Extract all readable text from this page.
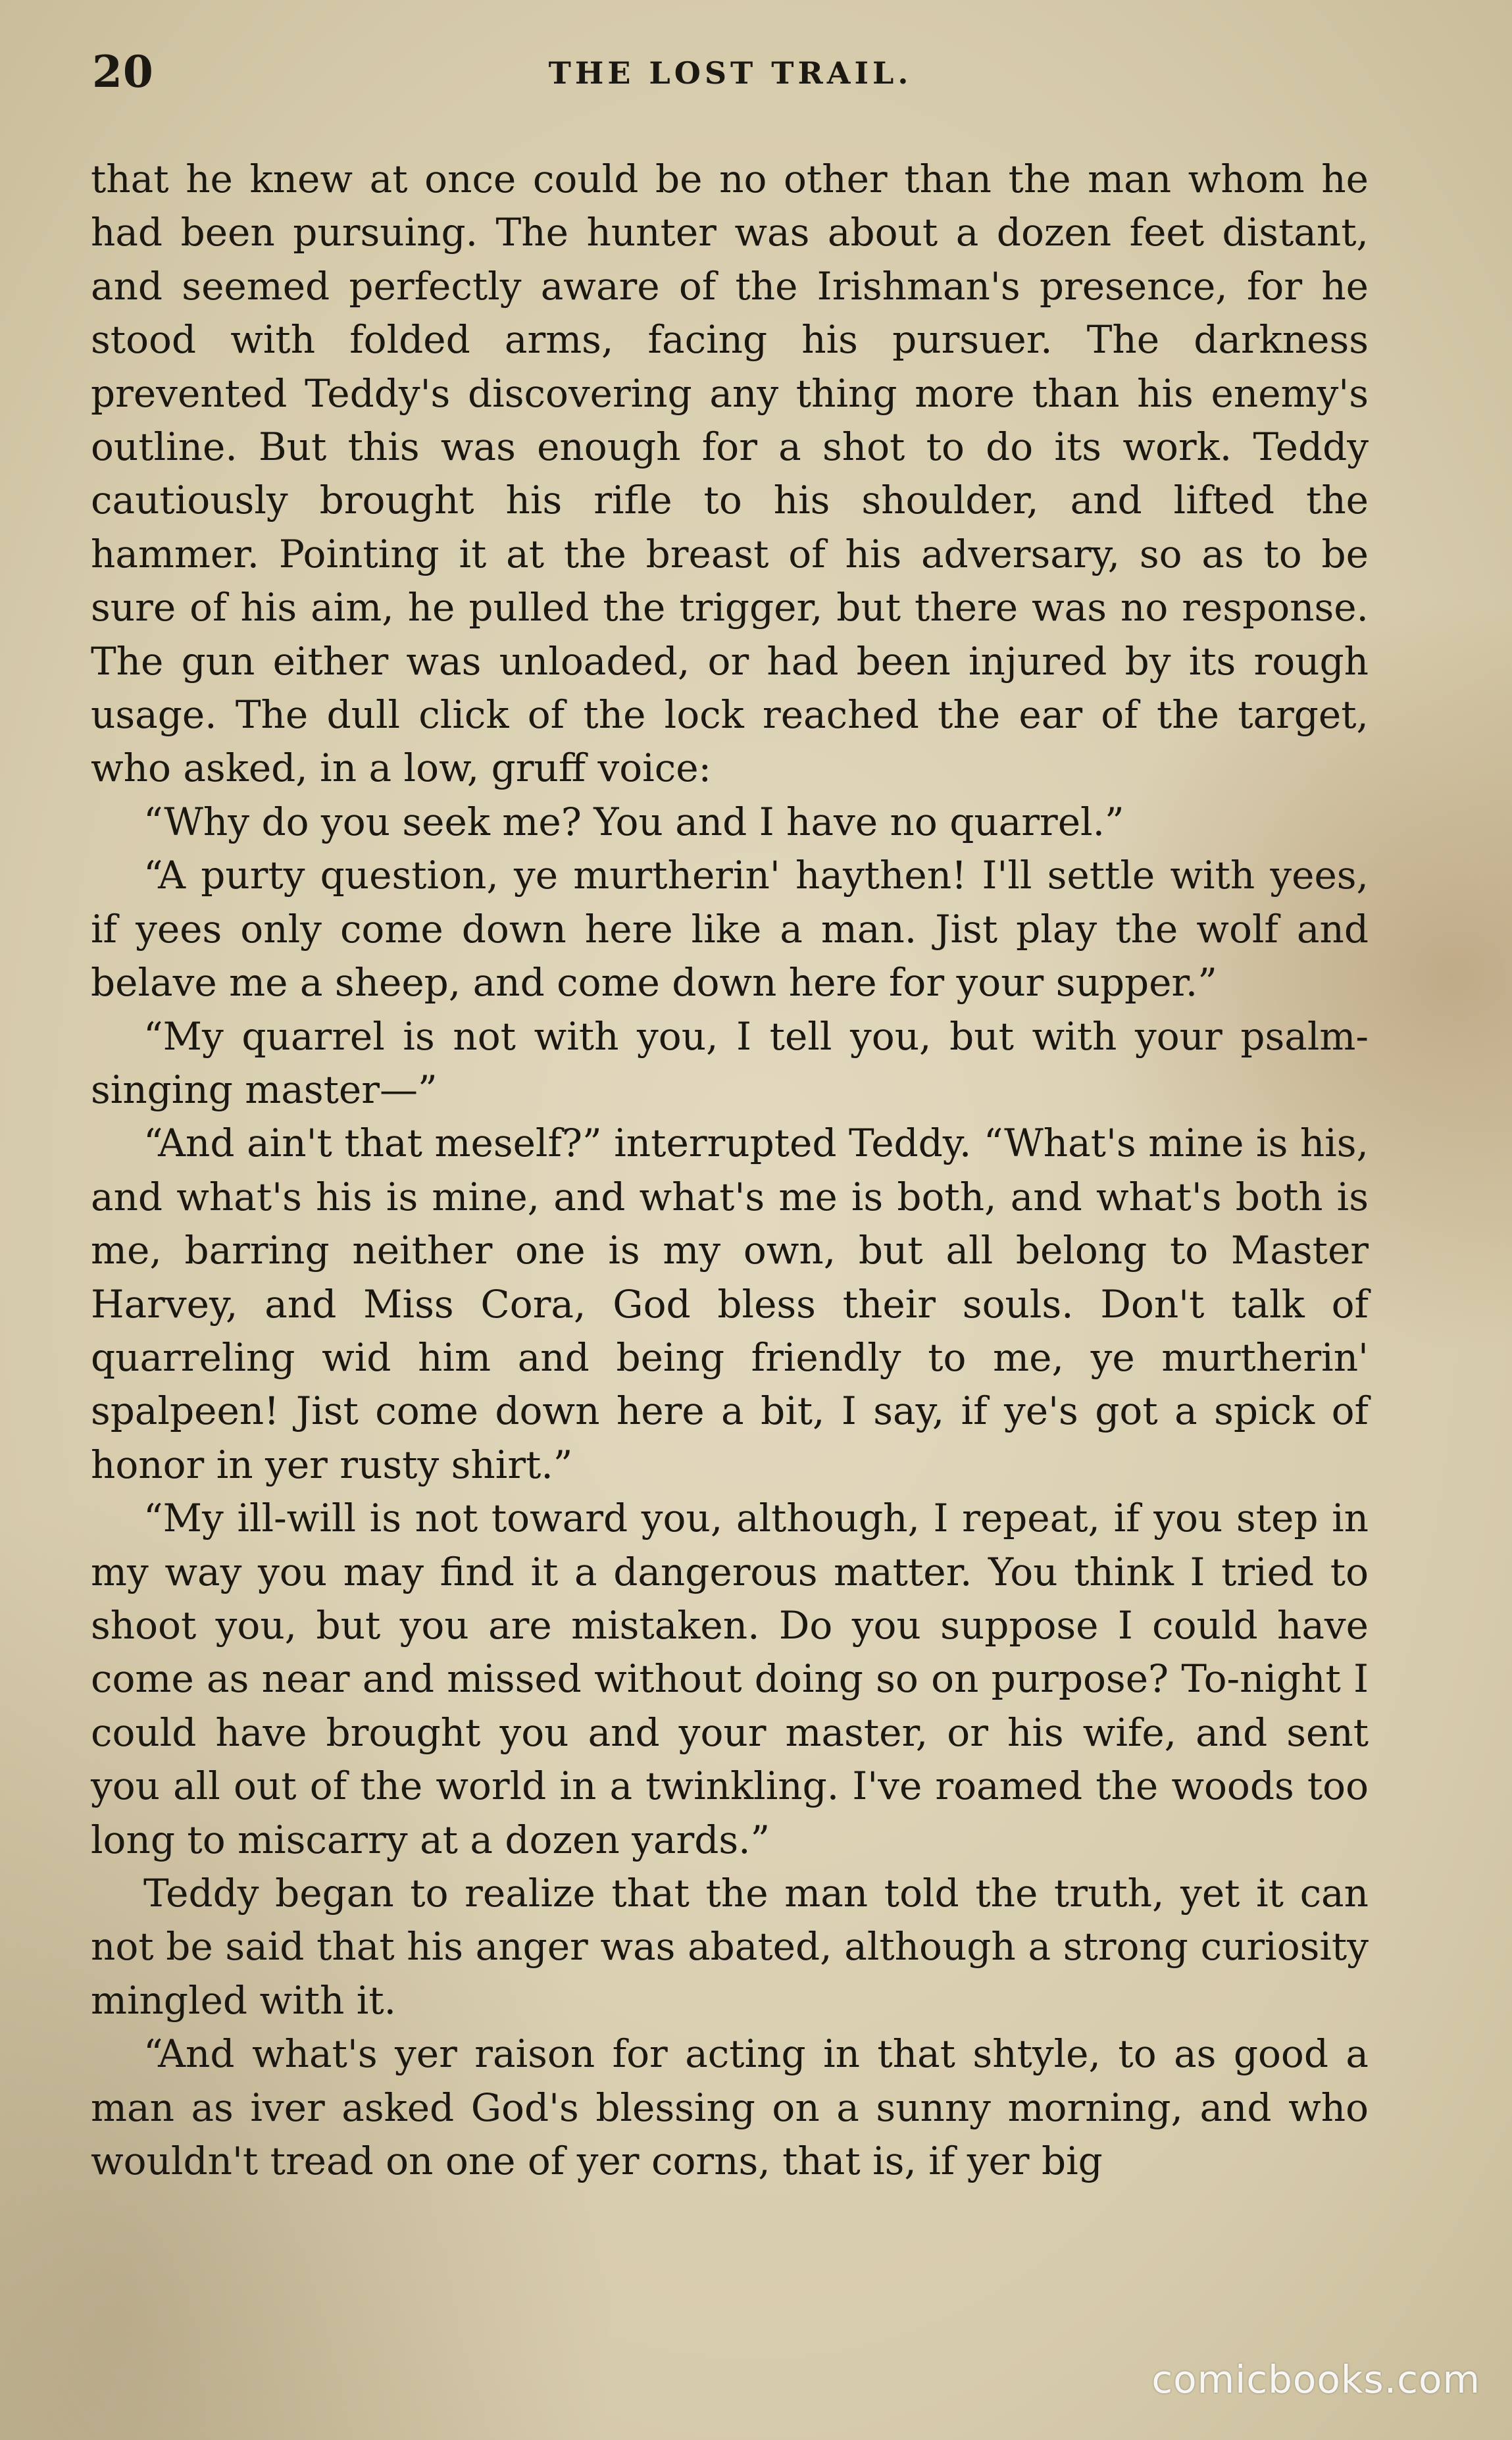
20	THE LOST TRAIL.

that he knew at once could be no other than the man whom he had been pursuing. The hunter was about a dozen feet distant, and seemed perfectly aware of the Irishman's presence, for he stood with folded arms, facing his pursuer. The darkness prevented Teddy's discovering any thing more than his enemy's outline. But this was enough for a shot to do its work. Teddy cautiously brought his rifle to his shoulder, and lifted the hammer. Pointing it at the breast of his adversary, so as to be sure of his aim, he pulled the trigger, but there was no response. The gun either was unloaded, or had been injured by its rough usage. The dull click of the lock reached the ear of the target, who asked, in a low, gruff voice:

“Why do you seek me? You and I have no quarrel.”

“A purty question, ye murtherin' haythen! I'll settle with yees, if yees only come down here like a man. Jist play the wolf and belave me a sheep, and come down here for your supper.”

“My quarrel is not with you, I tell you, but with your psalm-singing master—”

“And ain't that meself?” interrupted Teddy. “What's mine is his, and what's his is mine, and what's me is both, and what's both is me, barring neither one is my own, but all belong to Master Harvey, and Miss Cora, God bless their souls. Don't talk of quarreling wid him and being friendly to me, ye murtherin' spalpeen! Jist come down here a bit, I say, if ye's got a spick of honor in yer rusty shirt.”

“My ill-will is not toward you, although, I repeat, if you step in my way you may find it a dangerous matter. You think I tried to shoot you, but you are mistaken. Do you suppose I could have come as near and missed without doing so on purpose? To-night I could have brought you and your master, or his wife, and sent you all out of the world in a twinkling. I've roamed the woods too long to miscarry at a dozen yards.”

Teddy began to realize that the man told the truth, yet it can not be said that his anger was abated, although a strong curiosity mingled with it.

“And what's yer raison for acting in that shtyle, to as good a man as iver asked God's blessing on a sunny morning, and who wouldn't tread on one of yer corns, that is, if yer big

comicbooks.com
